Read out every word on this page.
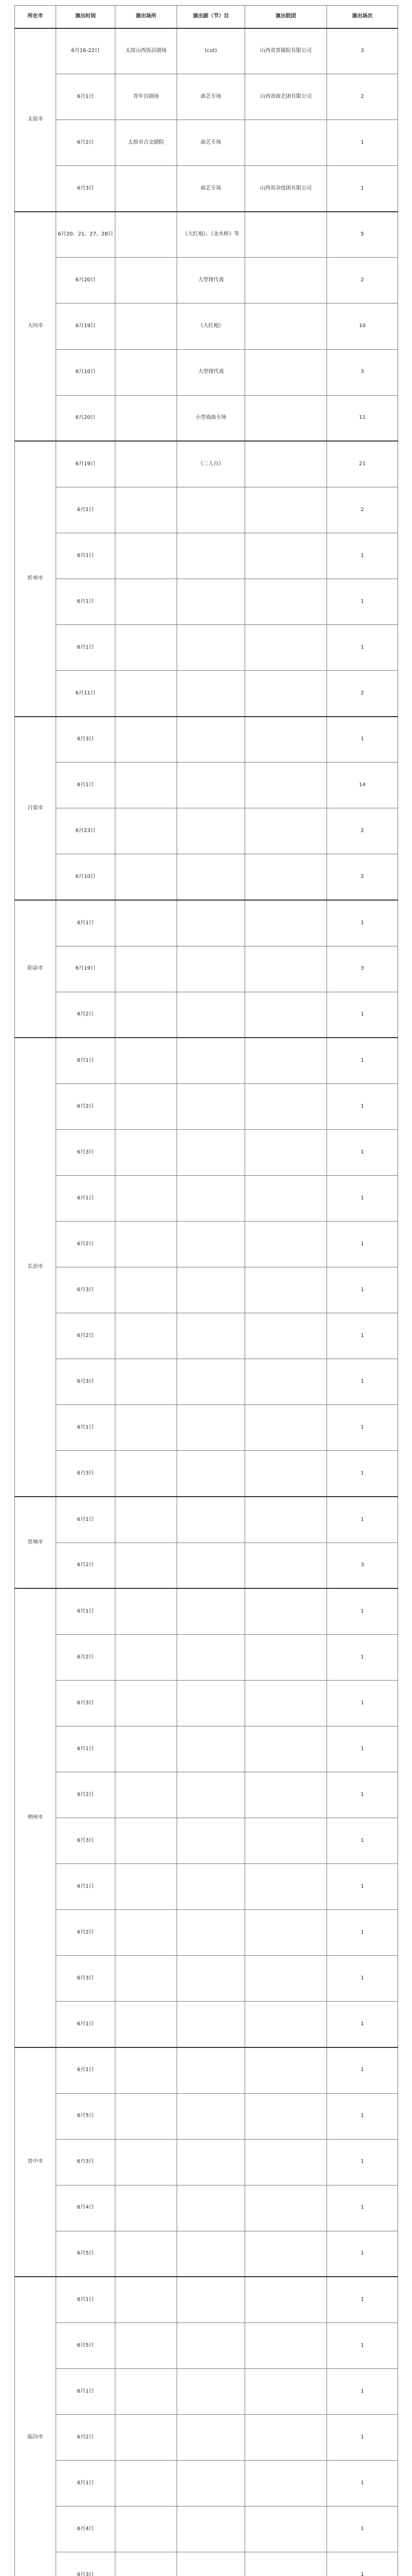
所在市	演出时间	演出场所	演出剧（节）目	演出院团	演出场次
太原市	6月16-22日	太原山西饭店剧场	(cut)	山西省晋剧院有限公司	3
	6月1日	青年宫剧场	曲艺专场	山西省曲艺团有限公司	2
	6月2日	太原市古交剧院	曲艺专场		1
	6月3日		曲艺专场	山西省杂技团有限公司	1
大同市	6月20、21、27、28日		《大红袍》、《金水桥》等		5
	6月20日		大型现代戏		2
	6月19日		《大红袍》		10
	6月10日		大型现代戏		3
	6月20日		小型戏曲专场		11
忻州市	6月19日		《二人台》		21
	6月1日				2
	6月1日				1
	6月1日				1
	6月1日				1
	6月11日				2
吕梁市	6月3日				1
	6月1日				14
	6月23日				2
	6月10日				2
阳泉市	6月1日				1
	6月19日				3
	6月2日				1
长治市	6月1日				1
	6月2日				1
	6月3日				1
	6月1日				1
	6月2日				1
	6月3日				1
	6月2日				1
	6月3日				1
	6月1日				1
	6月3日				1
晋城市	6月1日				1
	6月2日				3
朔州市	6月1日				1
	6月2日				1
	6月3日				1
	6月1日				1
	6月2日				1
	6月3日				1
	6月1日				1
	6月2日				1
	6月3日				1
	6月1日				1
晋中市	6月1日				1
	6月5日				1
	6月3日				1
	6月4日				1
	6月5日				1
临汾市	6月1日				1
	6月5日				1
	6月1日				1
	6月2日				1
	6月1日				1
	6月4日				1
	6月3日				1
